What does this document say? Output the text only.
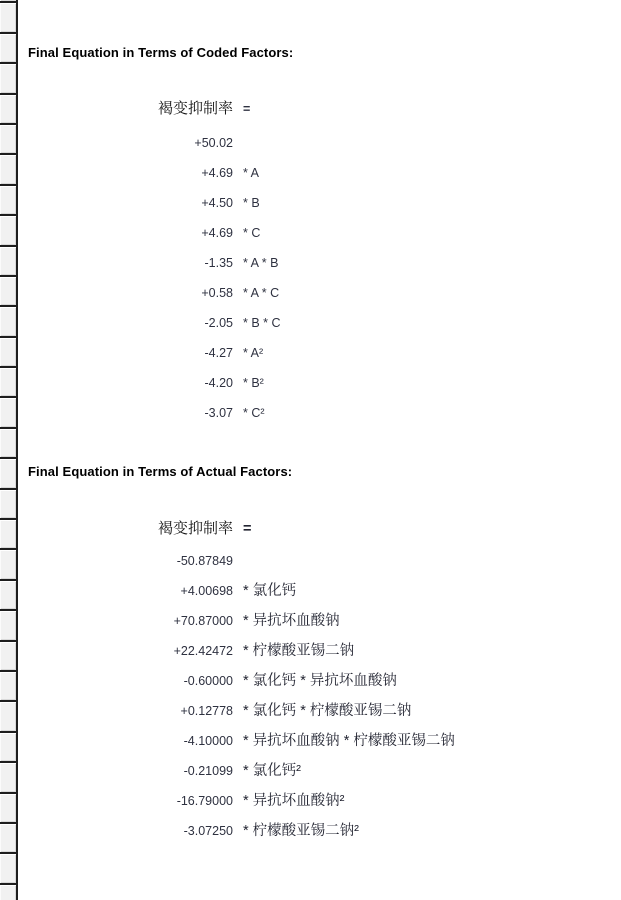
Final Equation in Terms of Coded Factors:
褐变抑制率 =
+50.02
+4.69 * A
+4.50 * B
+4.69 * C
-1.35 * A * B
+0.58 * A * C
-2.05 * B * C
-4.27 * A²
-4.20 * B²
-3.07 * C²
Final Equation in Terms of Actual Factors:
褐变抑制率 =
-50.87849
+4.00698 * 氯化钙
+70.87000 * 异抗坏血酸钠
+22.42472 * 柠檬酸亚锡二钠
-0.60000 * 氯化钙 * 异抗坏血酸钠
+0.12778 * 氯化钙 * 柠檬酸亚锡二钠
-4.10000 * 异抗坏血酸钠 * 柠檬酸亚锡二钠
-0.21099 * 氯化钙²
-16.79000 * 异抗坏血酸钠²
-3.07250 * 柠檬酸亚锡二钠²
